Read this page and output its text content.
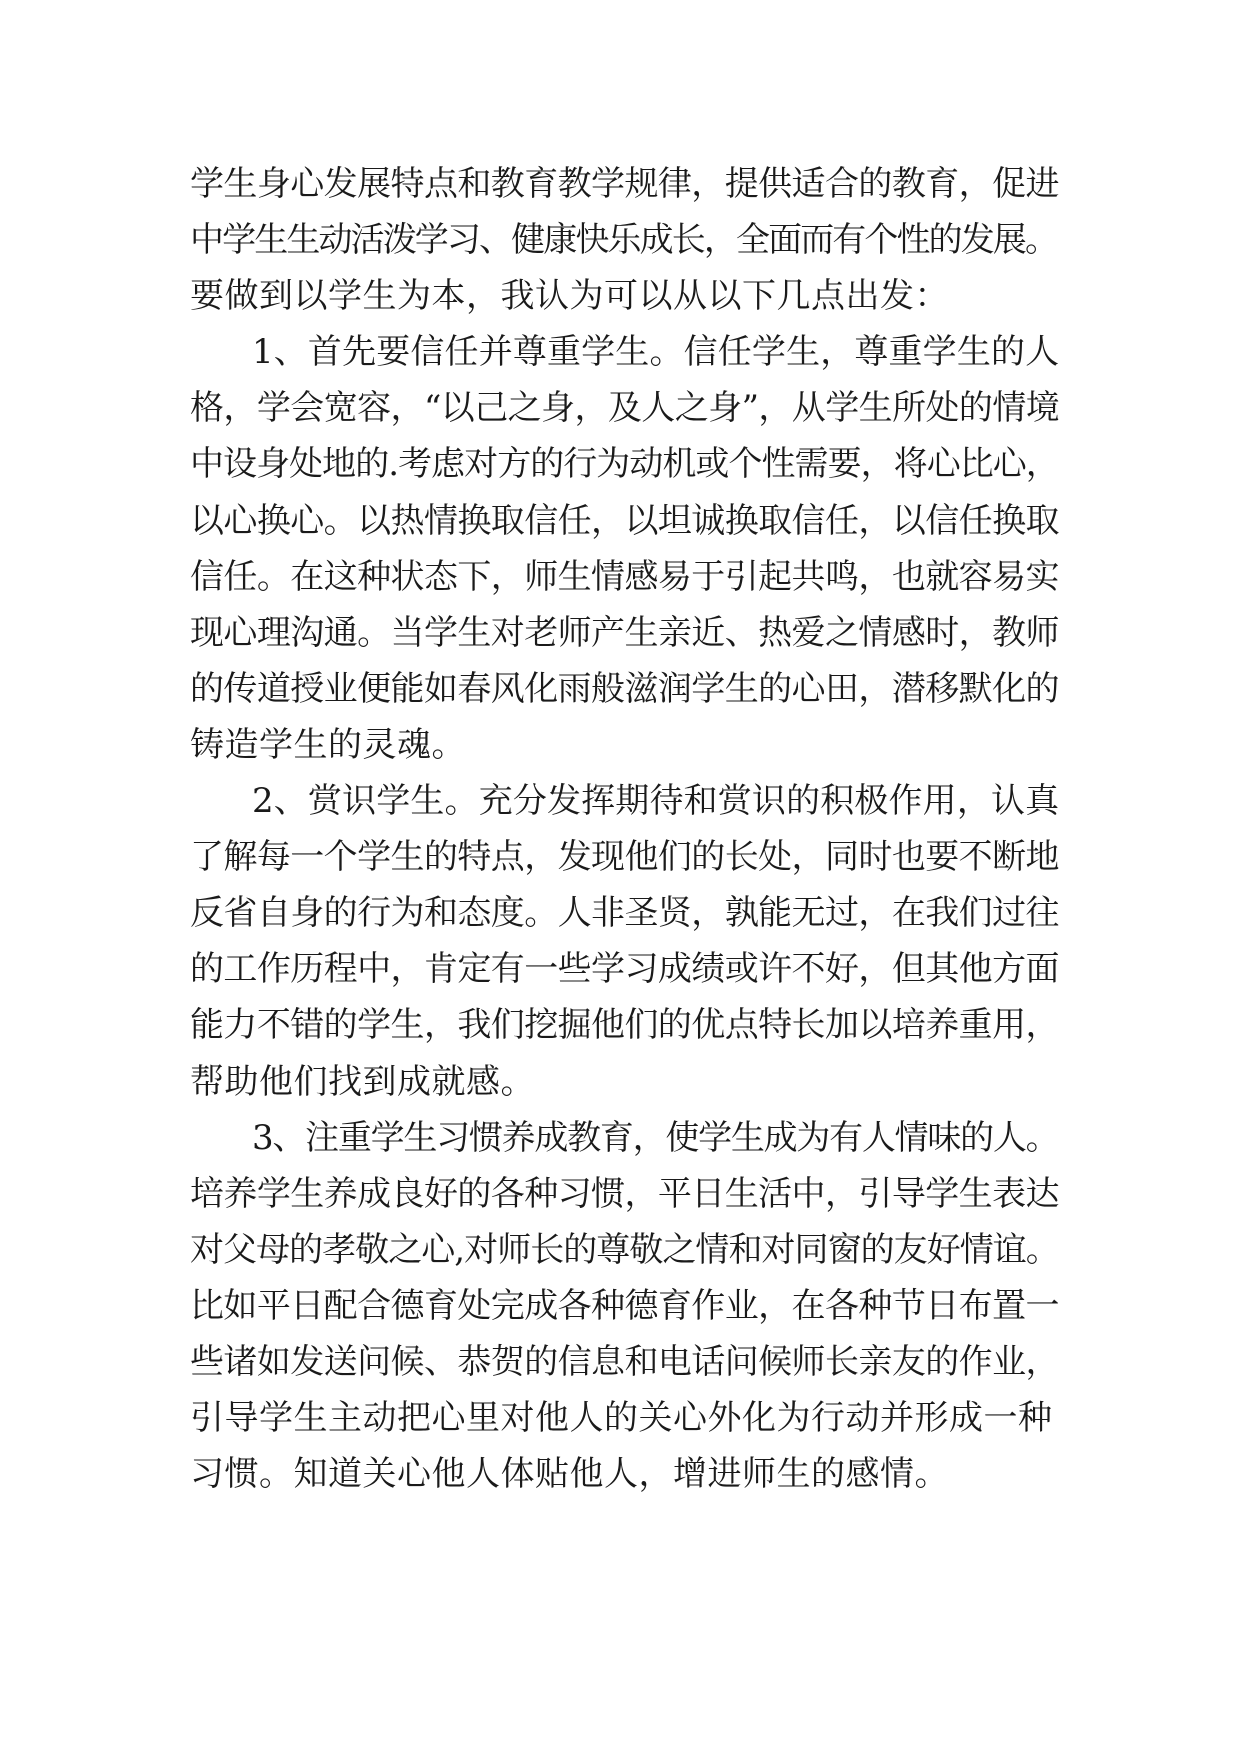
学生身心发展特点和教育教学规律，提供适合的教育，促进
中学生生动活泼学习、健康快乐成长，全面而有个性的发展。
要做到以学生为本，我认为可以从以下几点出发：
1、首先要信任并尊重学生。信任学生，尊重学生的人
格，学会宽容，“以己之身，及人之身”，从学生所处的情境
中设身处地的.考虑对方的行为动机或个性需要，将心比心，
以心换心。以热情换取信任，以坦诚换取信任，以信任换取
信任。在这种状态下，师生情感易于引起共鸣，也就容易实
现心理沟通。当学生对老师产生亲近、热爱之情感时，教师
的传道授业便能如春风化雨般滋润学生的心田，潜移默化的
铸造学生的灵魂。
2、赏识学生。充分发挥期待和赏识的积极作用，认真
了解每一个学生的特点，发现他们的长处，同时也要不断地
反省自身的行为和态度。人非圣贤，孰能无过，在我们过往
的工作历程中，肯定有一些学习成绩或许不好，但其他方面
能力不错的学生，我们挖掘他们的优点特长加以培养重用，
帮助他们找到成就感。
3、注重学生习惯养成教育，使学生成为有人情味的人。
培养学生养成良好的各种习惯，平日生活中，引导学生表达
对父母的孝敬之心,对师长的尊敬之情和对同窗的友好情谊。
比如平日配合德育处完成各种德育作业，在各种节日布置一
些诸如发送问候、恭贺的信息和电话问候师长亲友的作业，
引导学生主动把心里对他人的关心外化为行动并形成一种
习惯。知道关心他人体贴他人，增进师生的感情。
